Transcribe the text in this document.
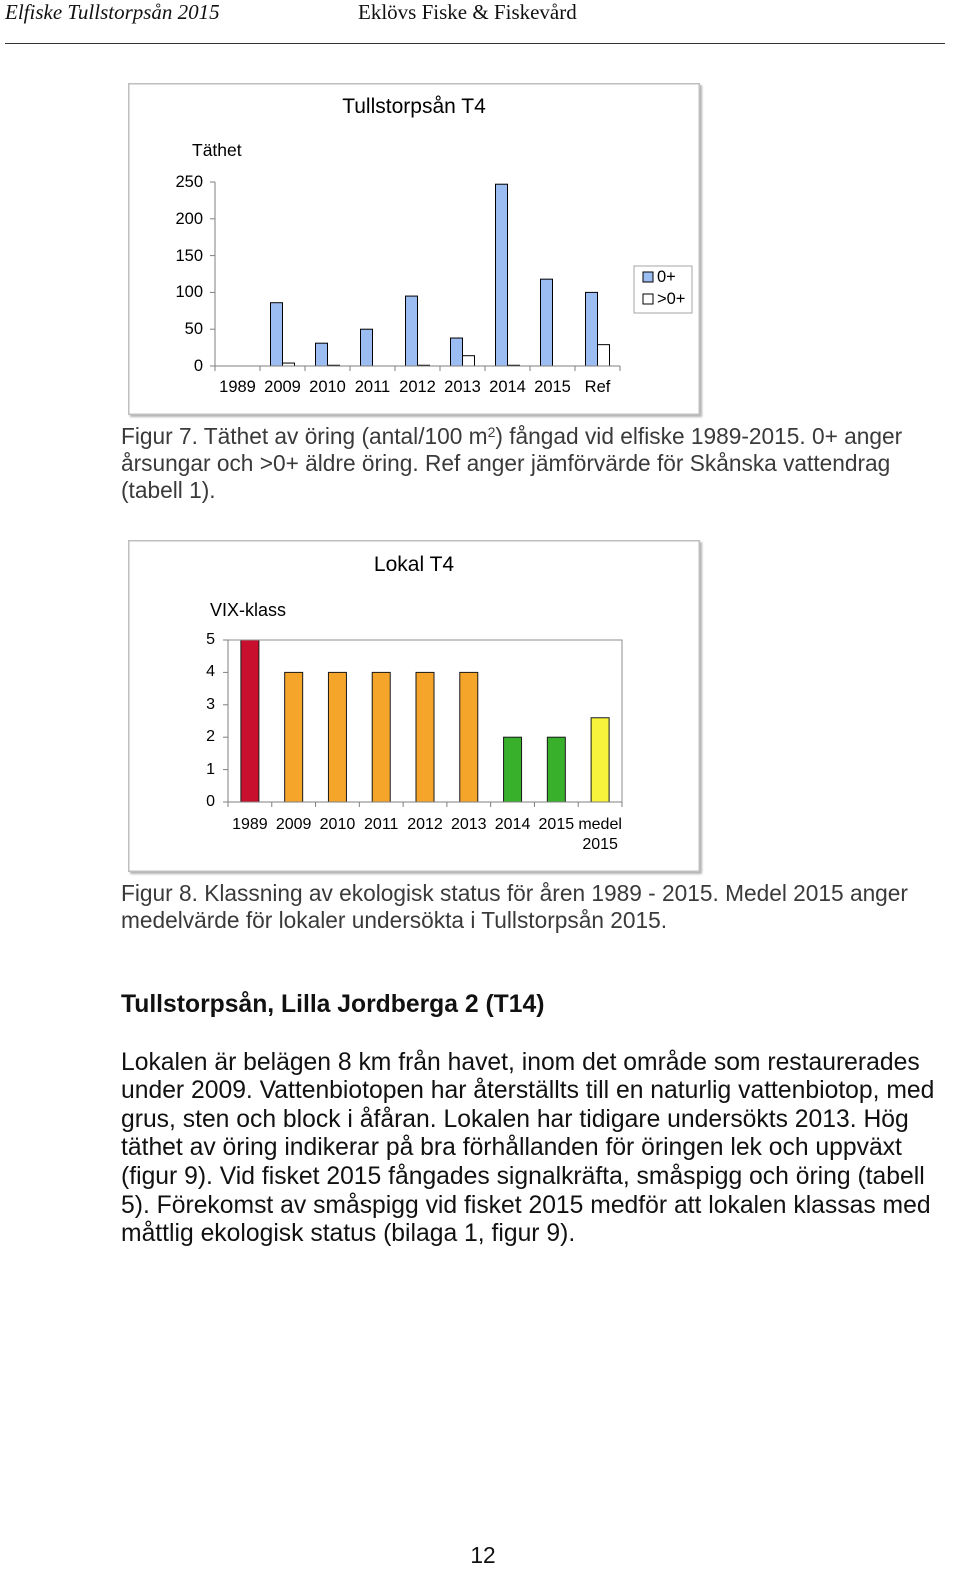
Elfiske Tullstorpsån 2015	Eklövs Fiske & Fiskevård
Tullstorpsån T4
Täthet
0
50
100
150
200
250
1989 2009 2010 2011 2012 2013 2014 2015 Ref
0+
>0+
Figur 7. Täthet av öring (antal/100 $m^2$) fångad vid elfiske 1989-2015. 0+ anger
årsungar och >0+ äldre öring. Ref anger jämförvärde för Skånska vattendrag
(tabell 1).
Lokal T4
VIX-klass
0
1
2
3
4
5
1989 2009 2010 2011 2012 2013 2014 2015 medel
2015
Figur 8. Klassning av ekologisk status för åren 1989 - 2015. Medel 2015 anger
medelvärde för lokaler undersökta i Tullstorpsån 2015.
Tullstorpsån, Lilla Jordberga 2 (T14)
Lokalen är belägen 8 km från havet, inom det område som restaurerades
under 2009. Vattenbiotopen har återställts till en naturlig vattenbiotop, med
grus, sten och block i åfåran. Lokalen har tidigare undersökts 2013. Hög
täthet av öring indikerar på bra förhållanden för öringen lek och uppväxt
(figur 9). Vid fisket 2015 fångades signalkräfta, småspigg och öring (tabell
5). Förekomst av småspigg vid fisket 2015 medför att lokalen klassas med
måttlig ekologisk status (bilaga 1, figur 9).
12
